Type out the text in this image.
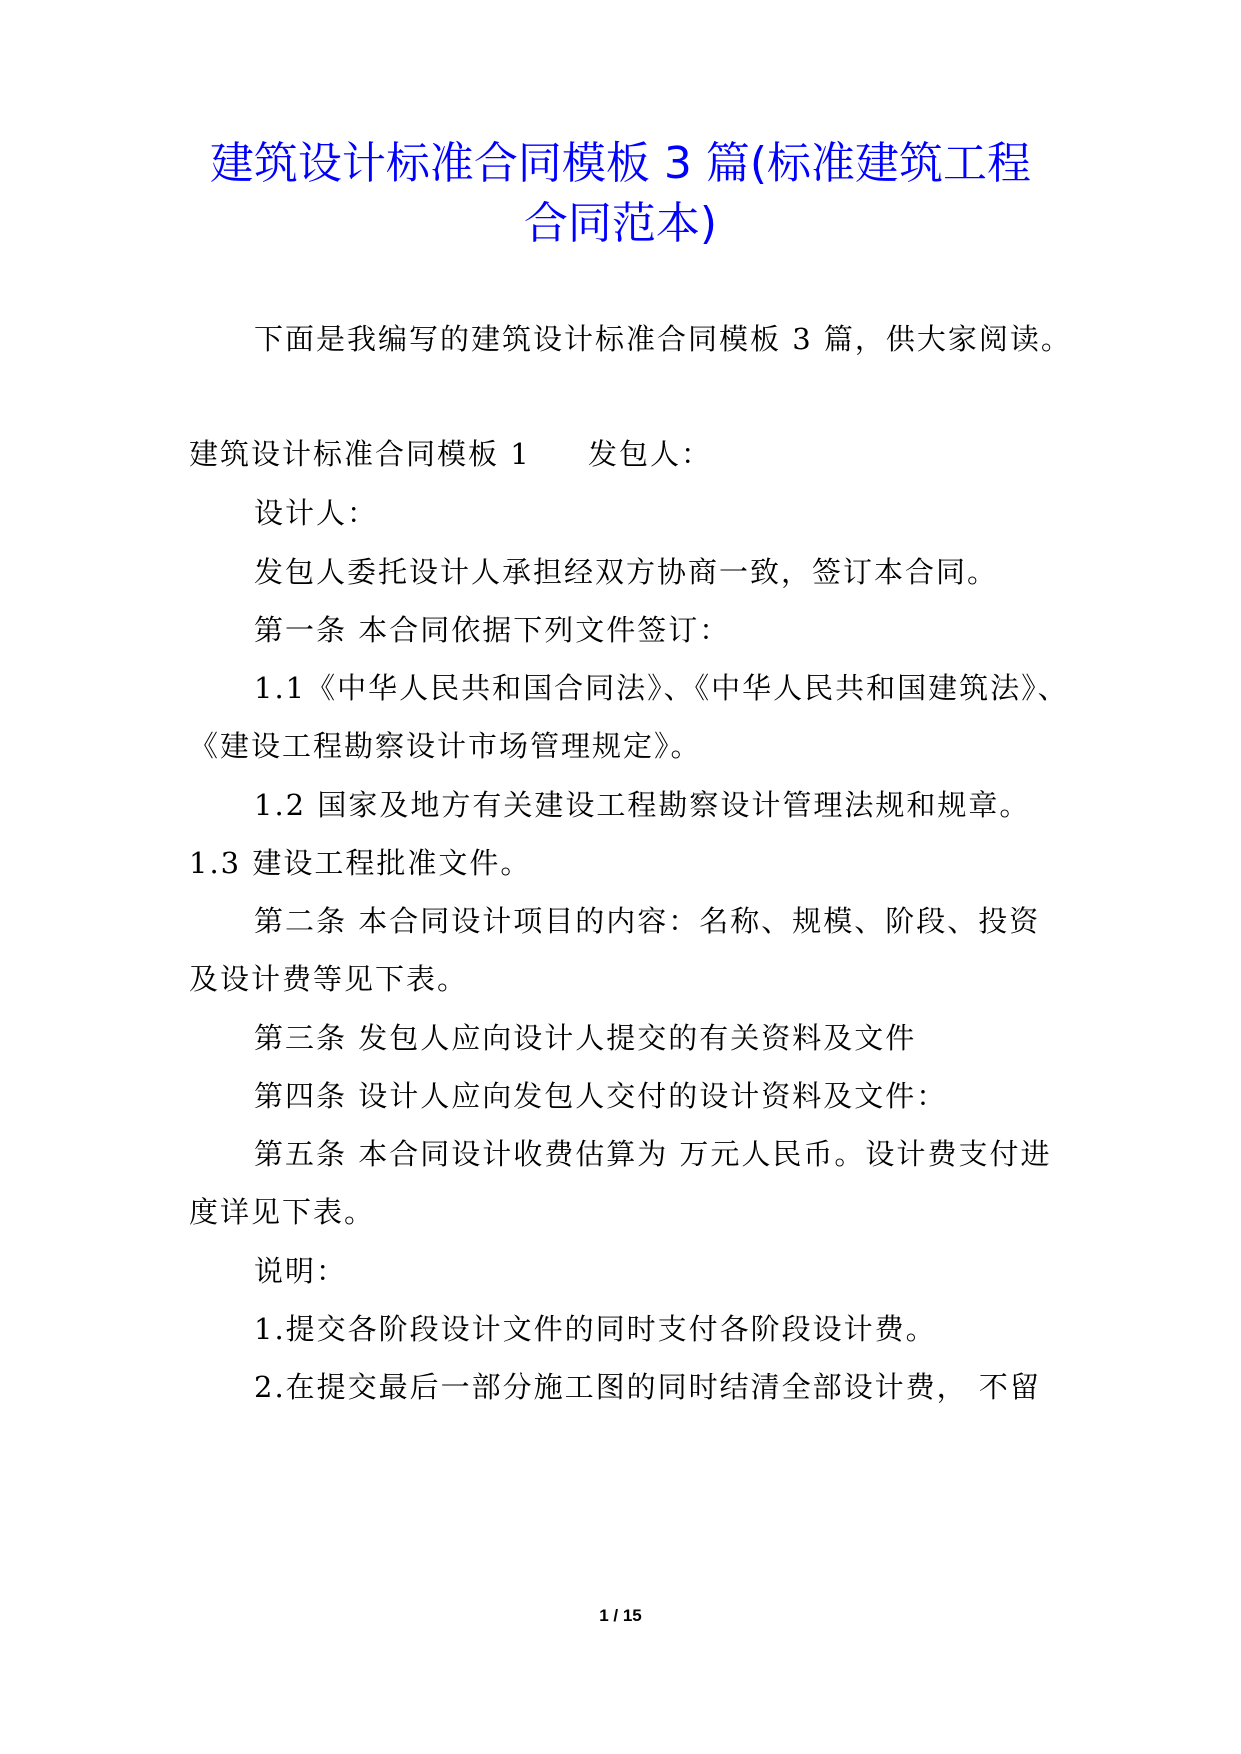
建筑设计标准合同模板 3 篇(标准建筑工程
合同范本)
下面是我编写的建筑设计标准合同模板 3 篇，供大家阅读。
建筑设计标准合同模板 1 发包人：
设计人：
发包人委托设计人承担经双方协商一致，签订本合同。
第一条 本合同依据下列文件签订：
1.1《中华人民共和国合同法》、《中华人民共和国建筑法》、
《建设工程勘察设计市场管理规定》。
1.2 国家及地方有关建设工程勘察设计管理法规和规章。
1.3 建设工程批准文件。
第二条 本合同设计项目的内容：名称、规模、阶段、投资
及设计费等见下表。
第三条 发包人应向设计人提交的有关资料及文件
第四条 设计人应向发包人交付的设计资料及文件：
第五条 本合同设计收费估算为 万元人民币。设计费支付进
度详见下表。
说明：
1.提交各阶段设计文件的同时支付各阶段设计费。
2.在提交最后一部分施工图的同时结清全部设计费， 不留
1 / 15
